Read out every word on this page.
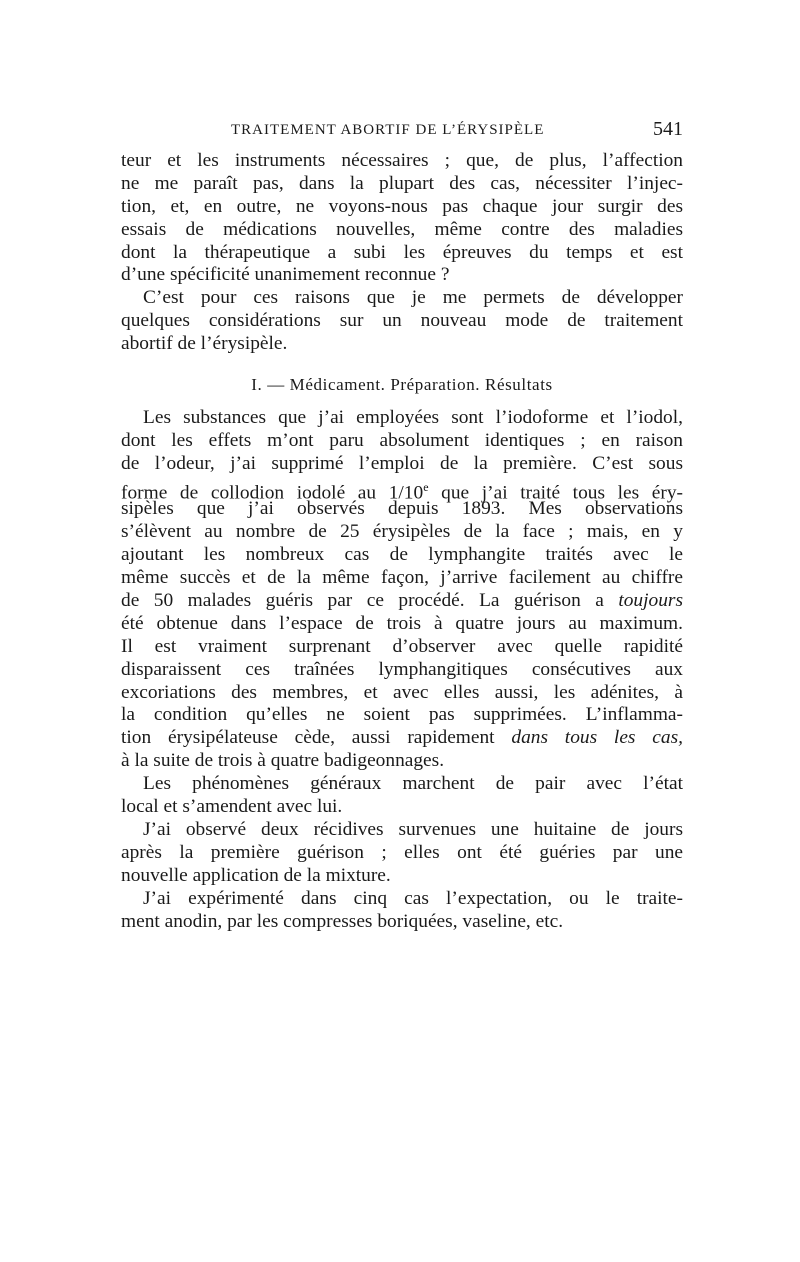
TRAITEMENT ABORTIF DE L’ÉRYSIPÈLE	541
teur et les instruments nécessaires ; que, de plus, l’affection
ne me paraît pas, dans la plupart des cas, nécessiter l’injec-
tion, et, en outre, ne voyons-nous pas chaque jour surgir des
essais de médications nouvelles, même contre des maladies
dont la thérapeutique a subi les épreuves du temps et est
d’une spécificité unanimement reconnue ?
C’est pour ces raisons que je me permets de développer
quelques considérations sur un nouveau mode de traitement
abortif de l’érysipèle.
I. — Médicament. Préparation. Résultats
Les substances que j’ai employées sont l’iodoforme et l’iodol,
dont les effets m’ont paru absolument identiques ; en raison
de l’odeur, j’ai supprimé l’emploi de la première. C’est sous
forme de collodion iodolé au 1/10e que j’ai traité tous les éry-
sipèles que j’ai observés depuis 1893. Mes observations
s’élèvent au nombre de 25 érysipèles de la face ; mais, en y
ajoutant les nombreux cas de lymphangite traités avec le
même succès et de la même façon, j’arrive facilement au chiffre
de 50 malades guéris par ce procédé. La guérison a toujours
été obtenue dans l’espace de trois à quatre jours au maximum.
Il est vraiment surprenant d’observer avec quelle rapidité
disparaissent ces traînées lymphangitiques consécutives aux
excoriations des membres, et avec elles aussi, les adénites, à
la condition qu’elles ne soient pas supprimées. L’inflamma-
tion érysipélateuse cède, aussi rapidement dans tous les cas,
à la suite de trois à quatre badigeonnages.
Les phénomènes généraux marchent de pair avec l’état
local et s’amendent avec lui.
J’ai observé deux récidives survenues une huitaine de jours
après la première guérison ; elles ont été guéries par une
nouvelle application de la mixture.
J’ai expérimenté dans cinq cas l’expectation, ou le traite-
ment anodin, par les compresses boriquées, vaseline, etc.
